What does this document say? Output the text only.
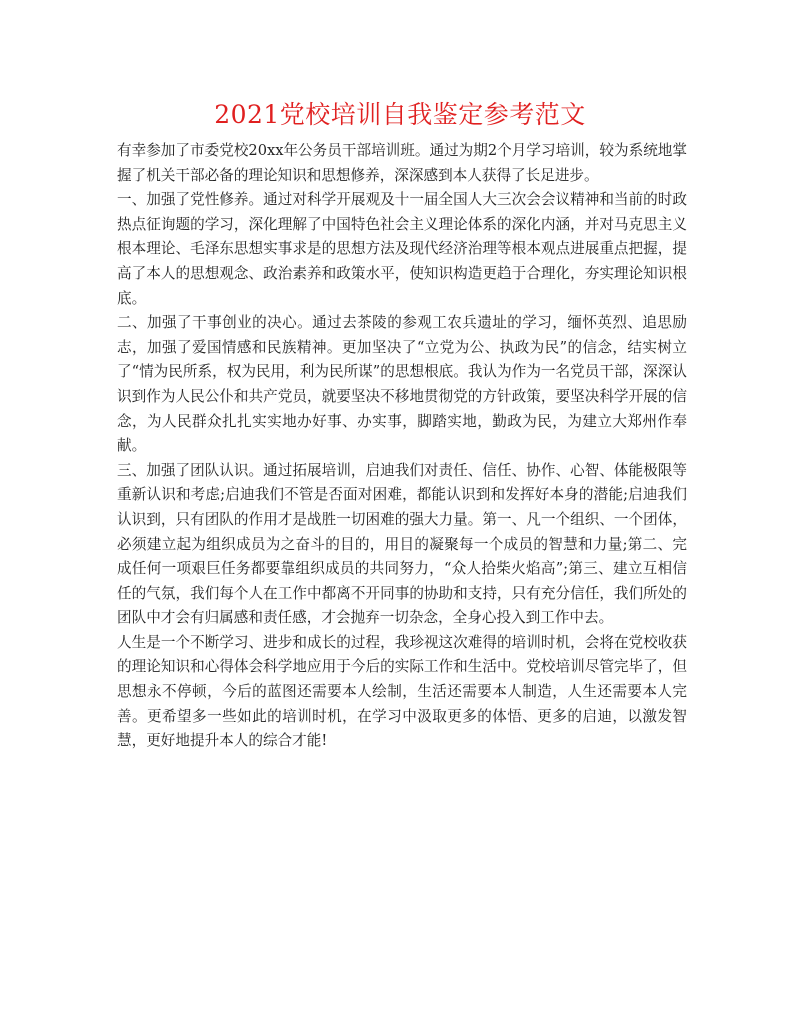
2021党校培训自我鉴定参考范文

有幸参加了市委党校20xx年公务员干部培训班。通过为期2个月学习培训，较为系统地掌握了机关干部必备的理论知识和思想修养，深深感到本人获得了长足进步。

一、加强了党性修养。通过对科学开展观及十一届全国人大三次会会议精神和当前的时政热点征询题的学习，深化理解了中国特色社会主义理论体系的深化内涵，并对马克思主义根本理论、毛泽东思想实事求是的思想方法及现代经济治理等根本观点进展重点把握，提高了本人的思想观念、政治素养和政策水平，使知识构造更趋于合理化，夯实理论知识根底。

二、加强了干事创业的决心。通过去茶陵的参观工农兵遗址的学习，缅怀英烈、追思励志，加强了爱国情感和民族精神。更加坚决了“立党为公、执政为民”的信念，结实树立了“情为民所系，权为民用，利为民所谋”的思想根底。我认为作为一名党员干部，深深认识到作为人民公仆和共产党员，就要坚决不移地贯彻党的方针政策，要坚决科学开展的信念，为人民群众扎扎实实地办好事、办实事，脚踏实地，勤政为民，为建立大郑州作奉献。

三、加强了团队认识。通过拓展培训，启迪我们对责任、信任、协作、心智、体能极限等重新认识和考虑;启迪我们不管是否面对困难，都能认识到和发挥好本身的潜能;启迪我们认识到，只有团队的作用才是战胜一切困难的强大力量。第一、凡一个组织、一个团体，必须建立起为组织成员为之奋斗的目的，用目的凝聚每一个成员的智慧和力量;第二、完成任何一项艰巨任务都要靠组织成员的共同努力，“众人拾柴火焰高”;第三、建立互相信任的气氛，我们每个人在工作中都离不开同事的协助和支持，只有充分信任，我们所处的团队中才会有归属感和责任感，才会抛弃一切杂念，全身心投入到工作中去。

人生是一个不断学习、进步和成长的过程，我珍视这次难得的培训时机，会将在党校收获的理论知识和心得体会科学地应用于今后的实际工作和生活中。党校培训尽管完毕了，但思想永不停顿，今后的蓝图还需要本人绘制，生活还需要本人制造，人生还需要本人完善。更希望多一些如此的培训时机，在学习中汲取更多的体悟、更多的启迪，以激发智慧，更好地提升本人的综合才能!
